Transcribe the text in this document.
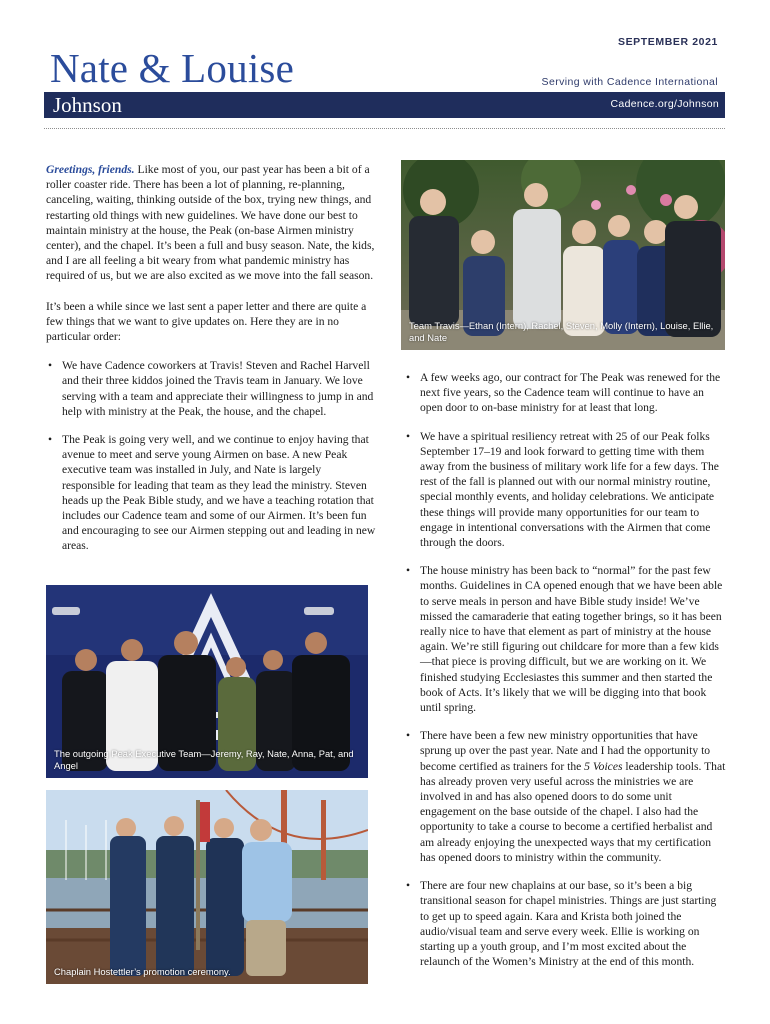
SEPTEMBER 2021
Nate & Louise	Serving with Cadence International
Johnson	Cadence.org/Johnson

Greetings, friends. Like most of you, our past year has been a bit of a roller coaster ride. There has been a lot of planning, re-planning, canceling, waiting, thinking outside of the box, trying new things, and restarting old things with new guidelines. We have done our best to maintain ministry at the house, the Peak (on-base Airmen ministry center), and the chapel. It’s been a full and busy season. Nate, the kids, and I are all feeling a bit weary from what pandemic ministry has required of us, but we are also excited as we move into the fall season.

It’s been a while since we last sent a paper letter and there are quite a few things that we want to give updates on. Here they are in no particular order:

• We have Cadence coworkers at Travis! Steven and Rachel Harvell and their three kiddos joined the Travis team in January. We love serving with a team and appreciate their willingness to jump in and help with ministry at the Peak, the house, and the chapel.
• The Peak is going very well, and we continue to enjoy having that avenue to meet and serve young Airmen on base. A new Peak executive team was installed in July, and Nate is largely responsible for leading that team as they lead the ministry. Steven heads up the Peak Bible study, and we have a teaching rotation that includes our Cadence team and some of our Airmen. It’s been fun and encouraging to see our Airmen stepping out and leading in new areas.
Team Travis—Ethan (Intern), Rachel, Steven, Molly (Intern), Louise, Ellie, and Nate
• A few weeks ago, our contract for The Peak was renewed for the next five years, so the Cadence team will continue to have an open door to on-base ministry for at least that long.
• We have a spiritual resiliency retreat with 25 of our Peak folks September 17–19 and look forward to getting time with them away from the business of military work life for a few days. The rest of the fall is planned out with our normal ministry routine, special monthly events, and holiday celebrations. We anticipate these things will provide many opportunities for our team to engage in intentional conversations with the Airmen that come through the doors.
• The house ministry has been back to “normal” for the past few months. Guidelines in CA opened enough that we have been able to serve meals in person and have Bible study inside! We’ve missed the camaraderie that eating together brings, so it has been really nice to have that element as part of ministry at the house again. We’re still figuring out childcare for more than a few kids—that piece is proving difficult, but we are working on it. We finished studying Ecclesiastes this summer and then started the book of Acts. It’s likely that we will be digging into that book until spring.
• There have been a few new ministry opportunities that have sprung up over the past year. Nate and I had the opportunity to become certified as trainers for the 5 Voices leadership tools. That has already proven very useful across the ministries we are involved in and has also opened doors to do some unit engagement on the base outside of the chapel. I also had the opportunity to take a course to become a certified herbalist and am already enjoying the unexpected ways that my certification has opened doors to ministry within the community.
• There are four new chaplains at our base, so it’s been a big transitional season for chapel ministries. Things are just starting to get up to speed again. Kara and Krista both joined the audio/visual team and serve every week. Ellie is working on starting up a youth group, and I’m most excited about the relaunch of the Women’s Ministry at the end of this month.
The outgoing Peak Executive Team—Jeremy, Ray, Nate, Anna, Pat, and Angel
Chaplain Hostettler’s promotion ceremony.
